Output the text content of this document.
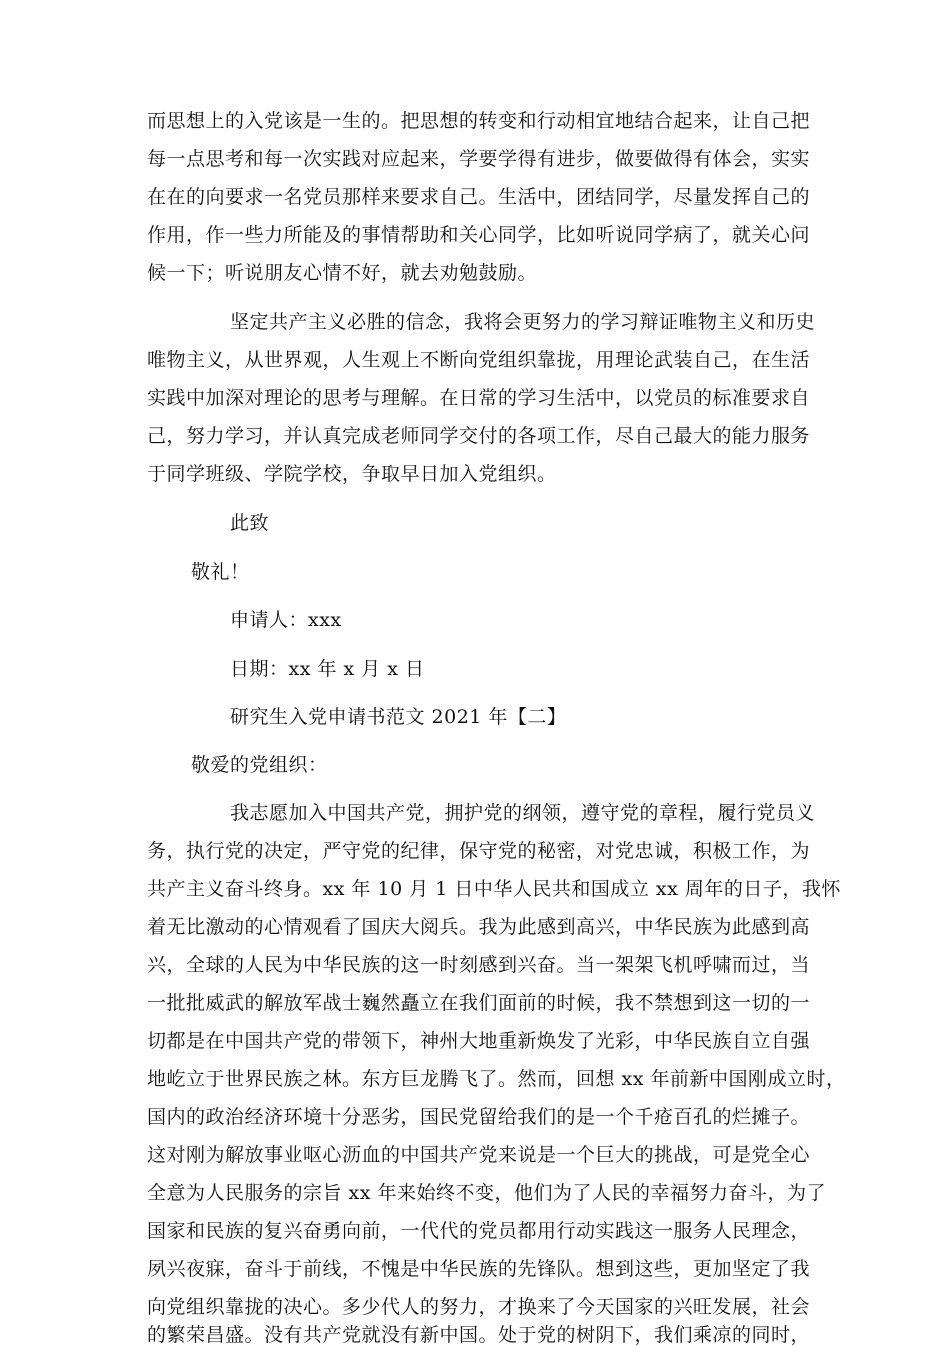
而思想上的入党该是一生的。把思想的转变和行动相宜地结合起来，让自己把
每一点思考和每一次实践对应起来，学要学得有进步，做要做得有体会，实实
在在的向要求一名党员那样来要求自己。生活中，团结同学，尽量发挥自己的
作用，作一些力所能及的事情帮助和关心同学，比如听说同学病了，就关心问
候一下；听说朋友心情不好，就去劝勉鼓励。
坚定共产主义必胜的信念，我将会更努力的学习辩证唯物主义和历史
唯物主义，从世界观，人生观上不断向党组织靠拢，用理论武装自己，在生活
实践中加深对理论的思考与理解。在日常的学习生活中，以党员的标准要求自
己，努力学习，并认真完成老师同学交付的各项工作，尽自己最大的能力服务
于同学班级、学院学校，争取早日加入党组织。
此致
敬礼！
申请人：xxx
日期：xx 年 x 月 x 日
研究生入党申请书范文 2021 年【二】
敬爱的党组织：
我志愿加入中国共产党，拥护党的纲领，遵守党的章程，履行党员义
务，执行党的决定，严守党的纪律，保守党的秘密，对党忠诚，积极工作，为
共产主义奋斗终身。xx 年 10 月 1 日中华人民共和国成立 xx 周年的日子，我怀
着无比激动的心情观看了国庆大阅兵。我为此感到高兴，中华民族为此感到高
兴，全球的人民为中华民族的这一时刻感到兴奋。当一架架飞机呼啸而过，当
一批批威武的解放军战士巍然矗立在我们面前的时候，我不禁想到这一切的一
切都是在中国共产党的带领下，神州大地重新焕发了光彩，中华民族自立自强
地屹立于世界民族之林。东方巨龙腾飞了。然而，回想 xx 年前新中国刚成立时，
国内的政治经济环境十分恶劣，国民党留给我们的是一个千疮百孔的烂摊子。
这对刚为解放事业呕心沥血的中国共产党来说是一个巨大的挑战，可是党全心
全意为人民服务的宗旨 xx 年来始终不变，他们为了人民的幸福努力奋斗，为了
国家和民族的复兴奋勇向前，一代代的党员都用行动实践这一服务人民理念，
夙兴夜寐，奋斗于前线，不愧是中华民族的先锋队。想到这些，更加坚定了我
向党组织靠拢的决心。多少代人的努力，才换来了今天国家的兴旺发展，社会
的繁荣昌盛。没有共产党就没有新中国。处于党的树阴下，我们乘凉的同时，
